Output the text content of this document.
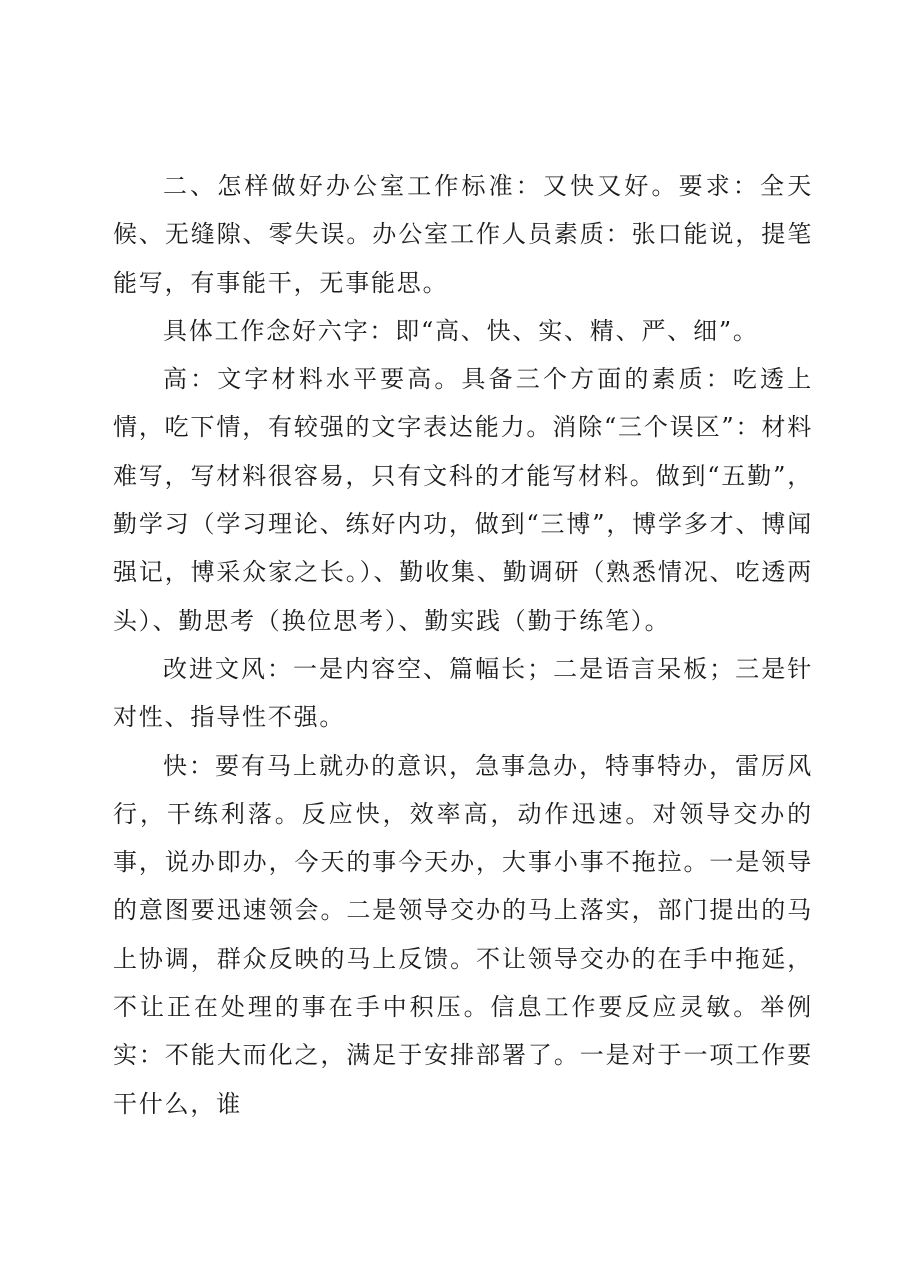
二、怎样做好办公室工作标准：又快又好。要求：全天候、无缝隙、零失误。办公室工作人员素质：张口能说，提笔能写，有事能干，无事能思。

具体工作念好六字：即“高、快、实、精、严、细”。

高：文字材料水平要高。具备三个方面的素质：吃透上情，吃下情，有较强的文字表达能力。消除“三个误区”：材料难写，写材料很容易，只有文科的才能写材料。做到“五勤”，勤学习（学习理论、练好内功，做到“三博”，博学多才、博闻强记，博采众家之长。）、勤收集、勤调研（熟悉情况、吃透两头）、勤思考（换位思考）、勤实践（勤于练笔）。

改进文风：一是内容空、篇幅长；二是语言呆板；三是针对性、指导性不强。

快：要有马上就办的意识，急事急办，特事特办，雷厉风行，干练利落。反应快，效率高，动作迅速。对领导交办的事，说办即办，今天的事今天办，大事小事不拖拉。一是领导的意图要迅速领会。二是领导交办的马上落实，部门提出的马上协调，群众反映的马上反馈。不让领导交办的在手中拖延，不让正在处理的事在手中积压。信息工作要反应灵敏。举例实：不能大而化之，满足于安排部署了。一是对于一项工作要干什么，谁
